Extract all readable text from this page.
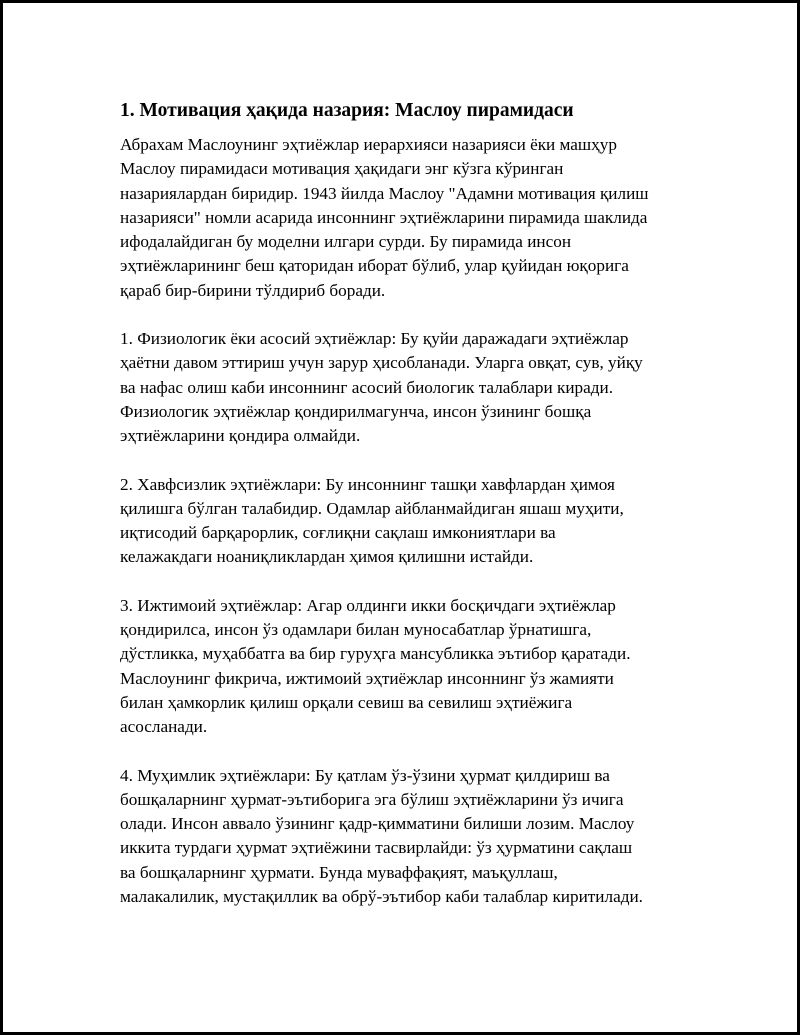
1. Мотивация ҳақида назария: Маслоу пирамидаси

Абрахам Маслоунинг эҳтиёжлар иерархияси назарияси ёки машҳур
Маслоу пирамидаси мотивация ҳақидаги энг кўзга кўринган
назариялардан биридир. 1943 йилда Маслоу "Адамни мотивация қилиш
назарияси" номли асарида инсоннинг эҳтиёжларини пирамида шаклида
ифодалайдиган бу моделни илгари сурди. Бу пирамида инсон
эҳтиёжларининг беш қаторидан иборат бўлиб, улар қуйидан юқорига
қараб бир-бирини тўлдириб боради.

1. Физиологик ёки асосий эҳтиёжлар: Бу қуйи даражадаги эҳтиёжлар
ҳаётни давом эттириш учун зарур ҳисобланади. Уларга овқат, сув, уйқу
ва нафас олиш каби инсоннинг асосий биологик талаблари киради.
Физиологик эҳтиёжлар қондирилмагунча, инсон ўзининг бошқа
эҳтиёжларини қондира олмайди.

2. Хавфсизлик эҳтиёжлари: Бу инсоннинг ташқи хавфлардан ҳимоя
қилишга бўлган талабидир. Одамлар айбланмайдиган яшаш муҳити,
иқтисодий барқарорлик, соғлиқни сақлаш имкониятлари ва
келажакдаги ноаниқликлардан ҳимоя қилишни истайди.

3. Ижтимоий эҳтиёжлар: Агар олдинги икки босқичдаги эҳтиёжлар
қондирилса, инсон ўз одамлари билан муносабатлар ўрнатишга,
дўстликка, муҳаббатга ва бир гуруҳга мансубликка эътибор қаратади.
Маслоунинг фикрича, ижтимоий эҳтиёжлар инсоннинг ўз жамияти
билан ҳамкорлик қилиш орқали севиш ва севилиш эҳтиёжига
асосланади.

4. Муҳимлик эҳтиёжлари: Бу қатлам ўз-ўзини ҳурмат қилдириш ва
бошқаларнинг ҳурмат-эътиборига эга бўлиш эҳтиёжларини ўз ичига
олади. Инсон аввало ўзининг қадр-қимматини билиши лозим. Маслоу
иккита турдаги ҳурмат эҳтиёжини тасвирлайди: ўз ҳурматини сақлаш
ва бошқаларнинг ҳурмати. Бунда муваффақият, маъқуллаш,
малакалилик, мустақиллик ва обрў-эътибор каби талаблар киритилади.
